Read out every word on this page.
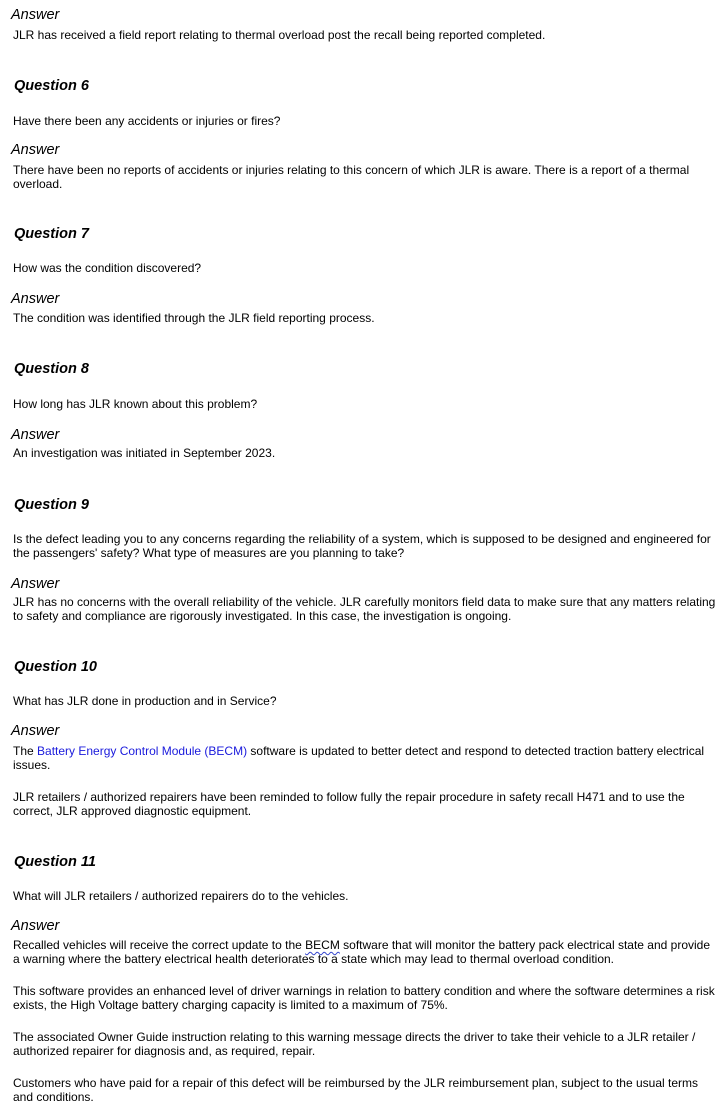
Answer

JLR has received a field report relating to thermal overload post the recall being reported completed.

Question 6

Have there been any accidents or injuries or fires?

Answer

There have been no reports of accidents or injuries relating to this concern of which JLR is aware. There is a report of a thermal overload.

Question 7

How was the condition discovered?

Answer

The condition was identified through the JLR field reporting process.

Question 8

How long has JLR known about this problem?

Answer

An investigation was initiated in September 2023.

Question 9

Is the defect leading you to any concerns regarding the reliability of a system, which is supposed to be designed and engineered for the passengers' safety? What type of measures are you planning to take?

Answer

JLR has no concerns with the overall reliability of the vehicle. JLR carefully monitors field data to make sure that any matters relating to safety and compliance are rigorously investigated. In this case, the investigation is ongoing.

Question 10

What has JLR done in production and in Service?

Answer

The Battery Energy Control Module (BECM) software is updated to better detect and respond to detected traction battery electrical issues.

JLR retailers / authorized repairers have been reminded to follow fully the repair procedure in safety recall H471 and to use the correct, JLR approved diagnostic equipment.

Question 11

What will JLR retailers / authorized repairers do to the vehicles.

Answer

Recalled vehicles will receive the correct update to the BECM software that will monitor the battery pack electrical state and provide a warning where the battery electrical health deteriorates to a state which may lead to thermal overload condition.

This software provides an enhanced level of driver warnings in relation to battery condition and where the software determines a risk exists, the High Voltage battery charging capacity is limited to a maximum of 75%.

The associated Owner Guide instruction relating to this warning message directs the driver to take their vehicle to a JLR retailer / authorized repairer for diagnosis and, as required, repair.

Customers who have paid for a repair of this defect will be reimbursed by the JLR reimbursement plan, subject to the usual terms and conditions.
